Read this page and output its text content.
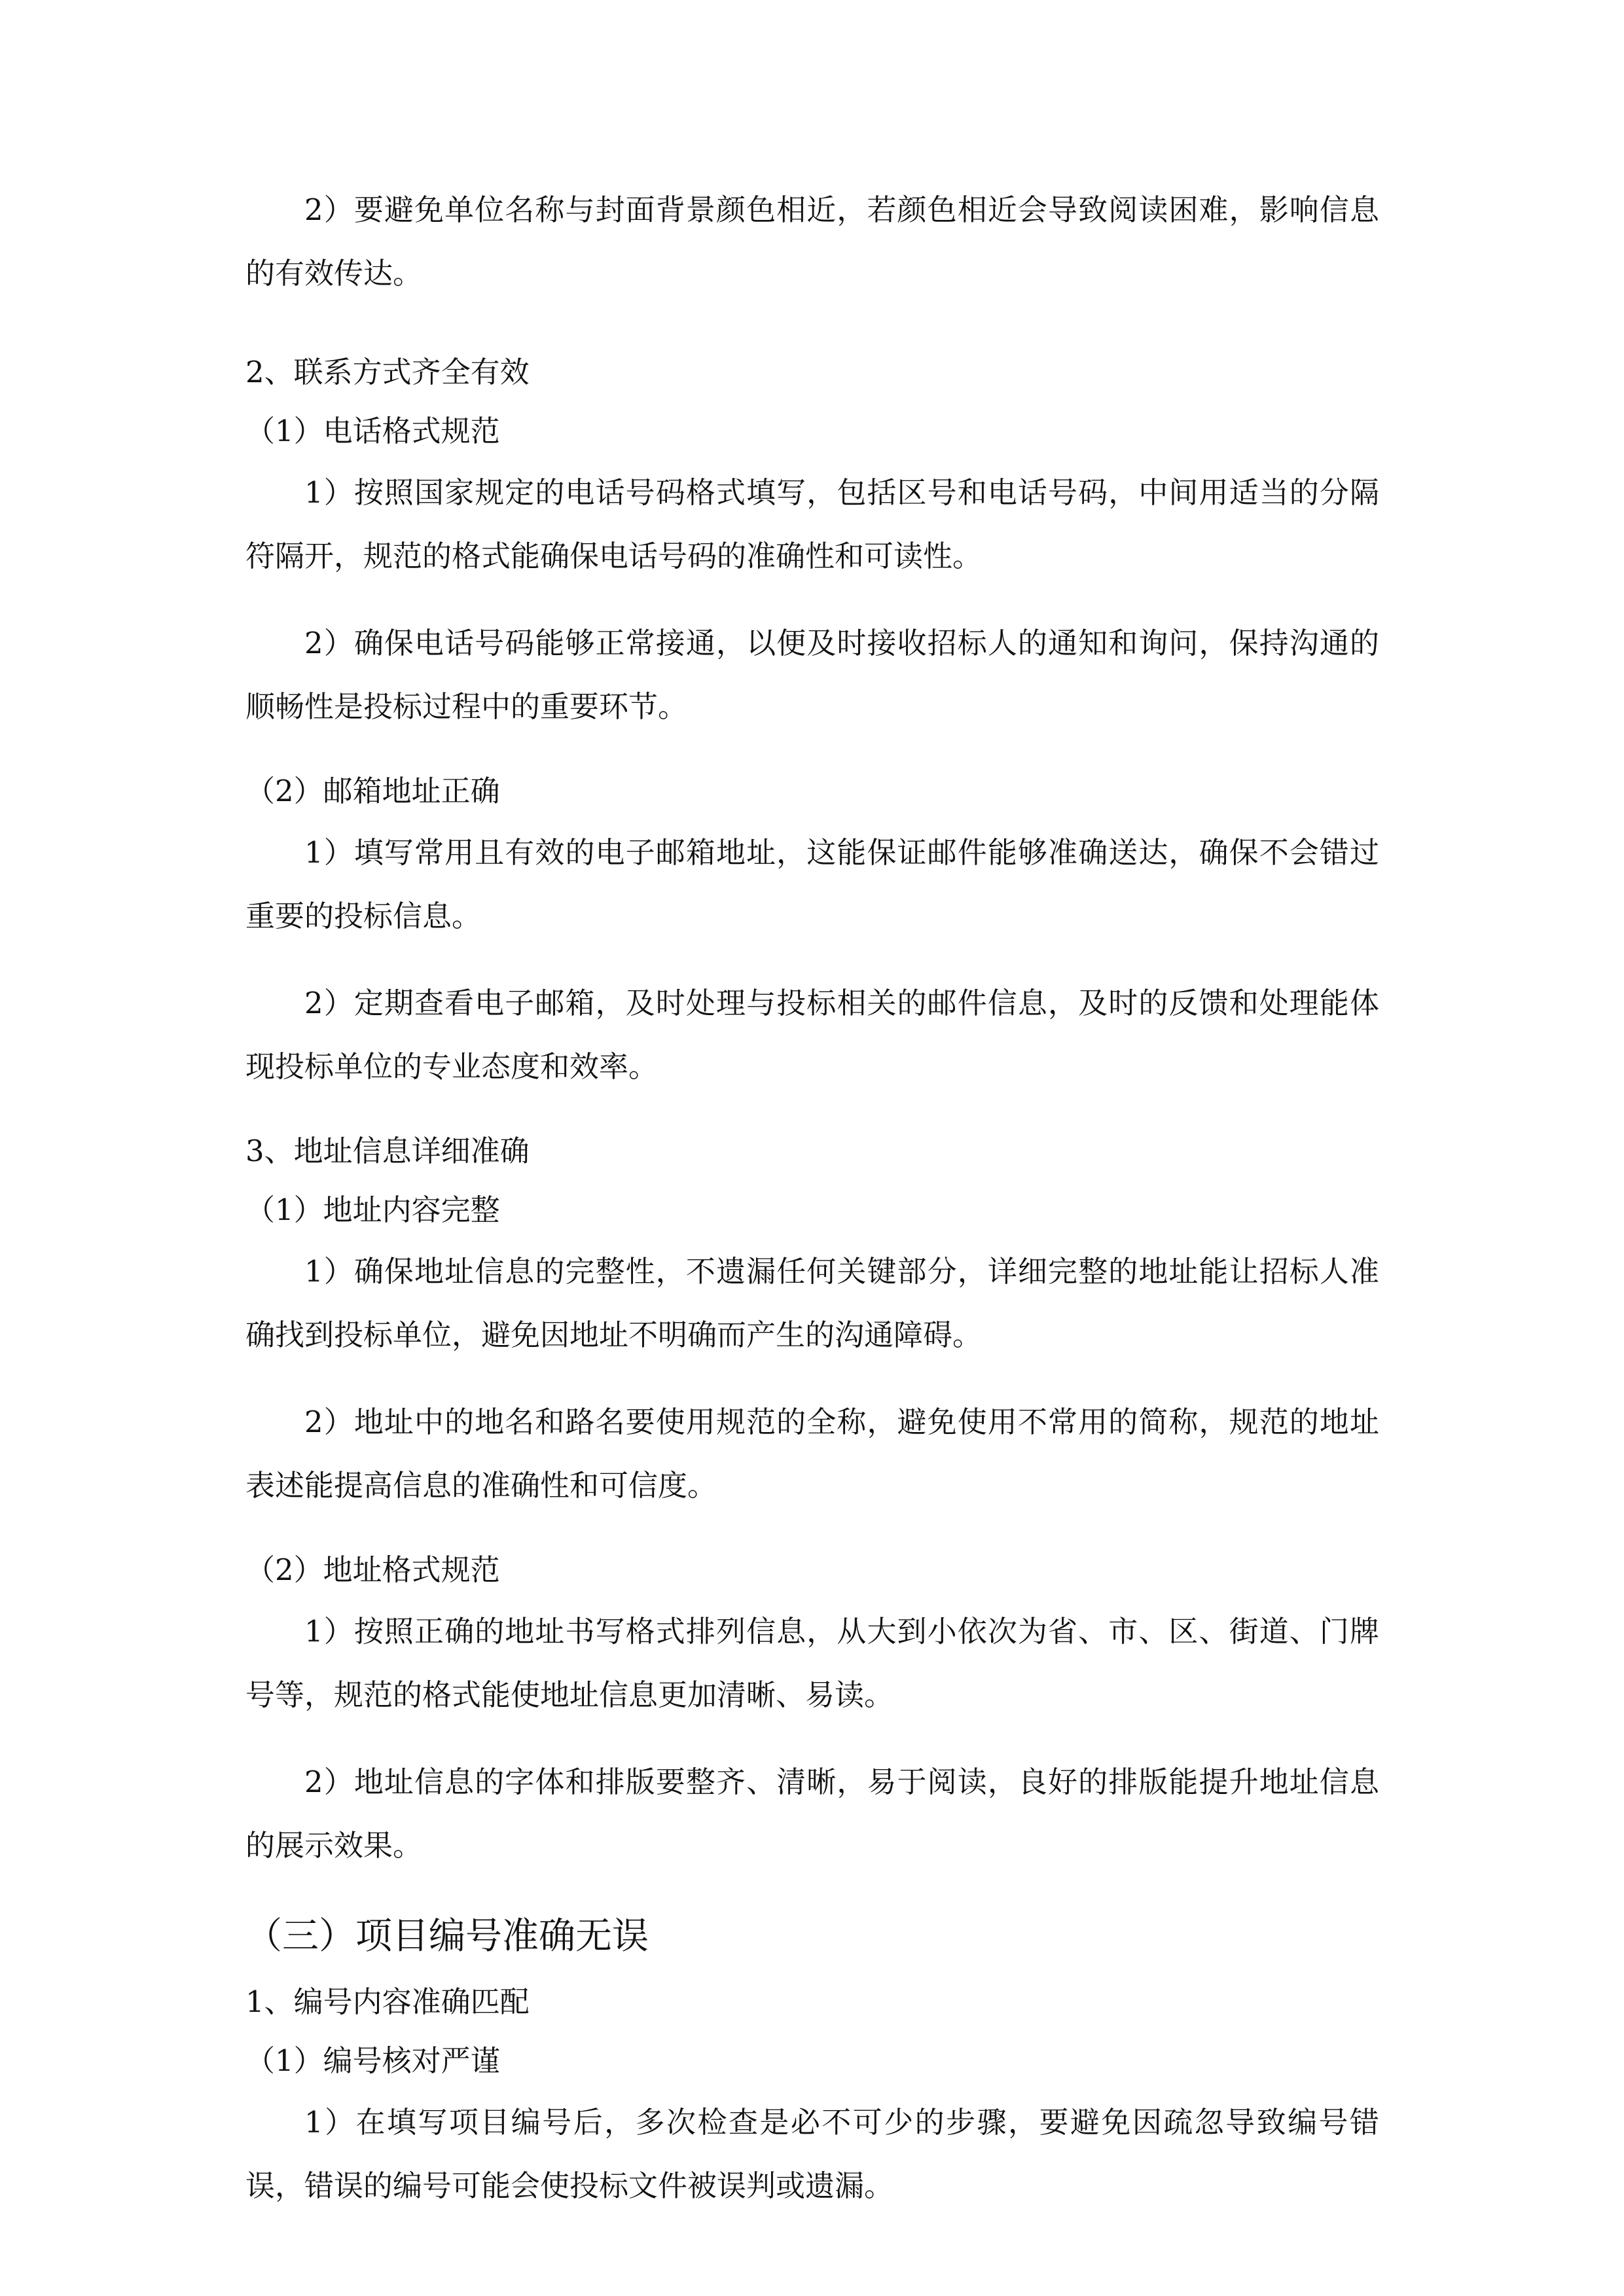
2）要避免单位名称与封面背景颜色相近，若颜色相近会导致阅读困难，影响信息的有效传达。

2、联系方式齐全有效
（1）电话格式规范

1）按照国家规定的电话号码格式填写，包括区号和电话号码，中间用适当的分隔符隔开，规范的格式能确保电话号码的准确性和可读性。

2）确保电话号码能够正常接通，以便及时接收招标人的通知和询问，保持沟通的顺畅性是投标过程中的重要环节。

（2）邮箱地址正确

1）填写常用且有效的电子邮箱地址，这能保证邮件能够准确送达，确保不会错过重要的投标信息。

2）定期查看电子邮箱，及时处理与投标相关的邮件信息，及时的反馈和处理能体现投标单位的专业态度和效率。

3、地址信息详细准确
（1）地址内容完整

1）确保地址信息的完整性，不遗漏任何关键部分，详细完整的地址能让招标人准确找到投标单位，避免因地址不明确而产生的沟通障碍。

2）地址中的地名和路名要使用规范的全称，避免使用不常用的简称，规范的地址表述能提高信息的准确性和可信度。

（2）地址格式规范

1）按照正确的地址书写格式排列信息，从大到小依次为省、市、区、街道、门牌号等，规范的格式能使地址信息更加清晰、易读。

2）地址信息的字体和排版要整齐、清晰，易于阅读，良好的排版能提升地址信息的展示效果。

（三）项目编号准确无误
1、编号内容准确匹配
（1）编号核对严谨

1）在填写项目编号后，多次检查是必不可少的步骤，要避免因疏忽导致编号错误，错误的编号可能会使投标文件被误判或遗漏。
